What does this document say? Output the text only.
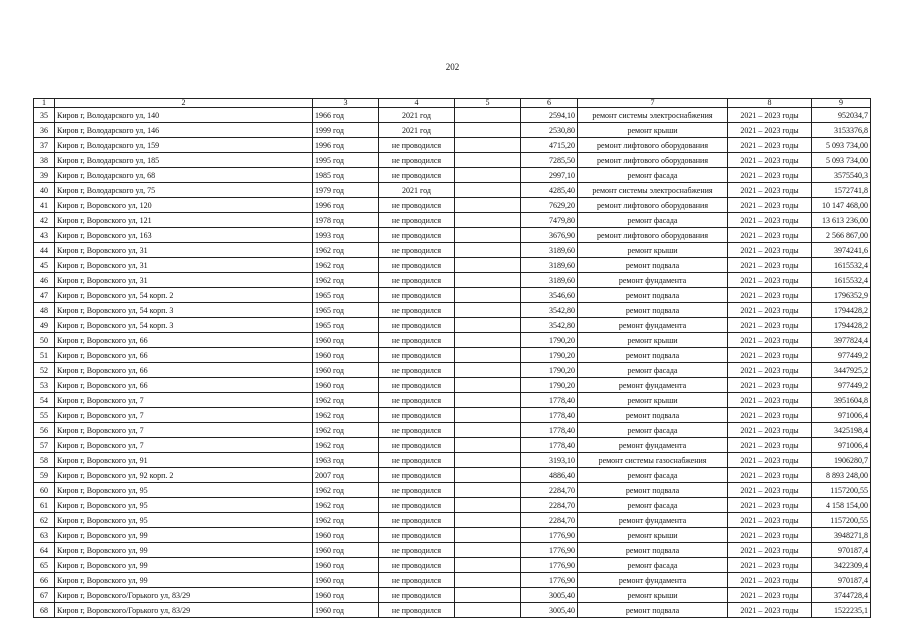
202
1	2	3	4	5	6	7	8	9
35	Киров г, Володарского ул, 140	1966 год	2021 год		2594,10	ремонт системы электроснабжения	2021 – 2023 годы	952034,7
36	Киров г, Володарского ул, 146	1999 год	2021 год		2530,80	ремонт крыши	2021 – 2023 годы	3153376,8
37	Киров г, Володарского ул, 159	1996 год	не проводился		4715,20	ремонт лифтового оборудования	2021 – 2023 годы	5 093 734,00
38	Киров г, Володарского ул, 185	1995 год	не проводился		7285,50	ремонт лифтового оборудования	2021 – 2023 годы	5 093 734,00
39	Киров г, Володарского ул, 68	1985 год	не проводился		2997,10	ремонт фасада	2021 – 2023 годы	3575540,3
40	Киров г, Володарского ул, 75	1979 год	2021 год		4285,40	ремонт системы электроснабжения	2021 – 2023 годы	1572741,8
41	Киров г, Воровского ул, 120	1996 год	не проводился		7629,20	ремонт лифтового оборудования	2021 – 2023 годы	10 147 468,00
42	Киров г, Воровского ул, 121	1978 год	не проводился		7479,80	ремонт фасада	2021 – 2023 годы	13 613 236,00
43	Киров г, Воровского ул, 163	1993 год	не проводился		3676,90	ремонт лифтового оборудования	2021 – 2023 годы	2 566 867,00
44	Киров г, Воровского ул, 31	1962 год	не проводился		3189,60	ремонт крыши	2021 – 2023 годы	3974241,6
45	Киров г, Воровского ул, 31	1962 год	не проводился		3189,60	ремонт подвала	2021 – 2023 годы	1615532,4
46	Киров г, Воровского ул, 31	1962 год	не проводился		3189,60	ремонт фундамента	2021 – 2023 годы	1615532,4
47	Киров г, Воровского ул, 54 корп. 2	1965 год	не проводился		3546,60	ремонт подвала	2021 – 2023 годы	1796352,9
48	Киров г, Воровского ул, 54 корп. 3	1965 год	не проводился		3542,80	ремонт подвала	2021 – 2023 годы	1794428,2
49	Киров г, Воровского ул, 54 корп. 3	1965 год	не проводился		3542,80	ремонт фундамента	2021 – 2023 годы	1794428,2
50	Киров г, Воровского ул, 66	1960 год	не проводился		1790,20	ремонт крыши	2021 – 2023 годы	3977824,4
51	Киров г, Воровского ул, 66	1960 год	не проводился		1790,20	ремонт подвала	2021 – 2023 годы	977449,2
52	Киров г, Воровского ул, 66	1960 год	не проводился		1790,20	ремонт фасада	2021 – 2023 годы	3447925,2
53	Киров г, Воровского ул, 66	1960 год	не проводился		1790,20	ремонт фундамента	2021 – 2023 годы	977449,2
54	Киров г, Воровского ул, 7	1962 год	не проводился		1778,40	ремонт крыши	2021 – 2023 годы	3951604,8
55	Киров г, Воровского ул, 7	1962 год	не проводился		1778,40	ремонт подвала	2021 – 2023 годы	971006,4
56	Киров г, Воровского ул, 7	1962 год	не проводился		1778,40	ремонт фасада	2021 – 2023 годы	3425198,4
57	Киров г, Воровского ул, 7	1962 год	не проводился		1778,40	ремонт фундамента	2021 – 2023 годы	971006,4
58	Киров г, Воровского ул, 91	1963 год	не проводился		3193,10	ремонт системы газоснабжения	2021 – 2023 годы	1906280,7
59	Киров г, Воровского ул, 92 корп. 2	2007 год	не проводился		4886,40	ремонт фасада	2021 – 2023 годы	8 893 248,00
60	Киров г, Воровского ул, 95	1962 год	не проводился		2284,70	ремонт подвала	2021 – 2023 годы	1157200,55
61	Киров г, Воровского ул, 95	1962 год	не проводился		2284,70	ремонт фасада	2021 – 2023 годы	4 158 154,00
62	Киров г, Воровского ул, 95	1962 год	не проводился		2284,70	ремонт фундамента	2021 – 2023 годы	1157200,55
63	Киров г, Воровского ул, 99	1960 год	не проводился		1776,90	ремонт крыши	2021 – 2023 годы	3948271,8
64	Киров г, Воровского ул, 99	1960 год	не проводился		1776,90	ремонт подвала	2021 – 2023 годы	970187,4
65	Киров г, Воровского ул, 99	1960 год	не проводился		1776,90	ремонт фасада	2021 – 2023 годы	3422309,4
66	Киров г, Воровского ул, 99	1960 год	не проводился		1776,90	ремонт фундамента	2021 – 2023 годы	970187,4
67	Киров г, Воровского/Горького ул, 83/29	1960 год	не проводился		3005,40	ремонт крыши	2021 – 2023 годы	3744728,4
68	Киров г, Воровского/Горького ул, 83/29	1960 год	не проводился		3005,40	ремонт подвала	2021 – 2023 годы	1522235,1
